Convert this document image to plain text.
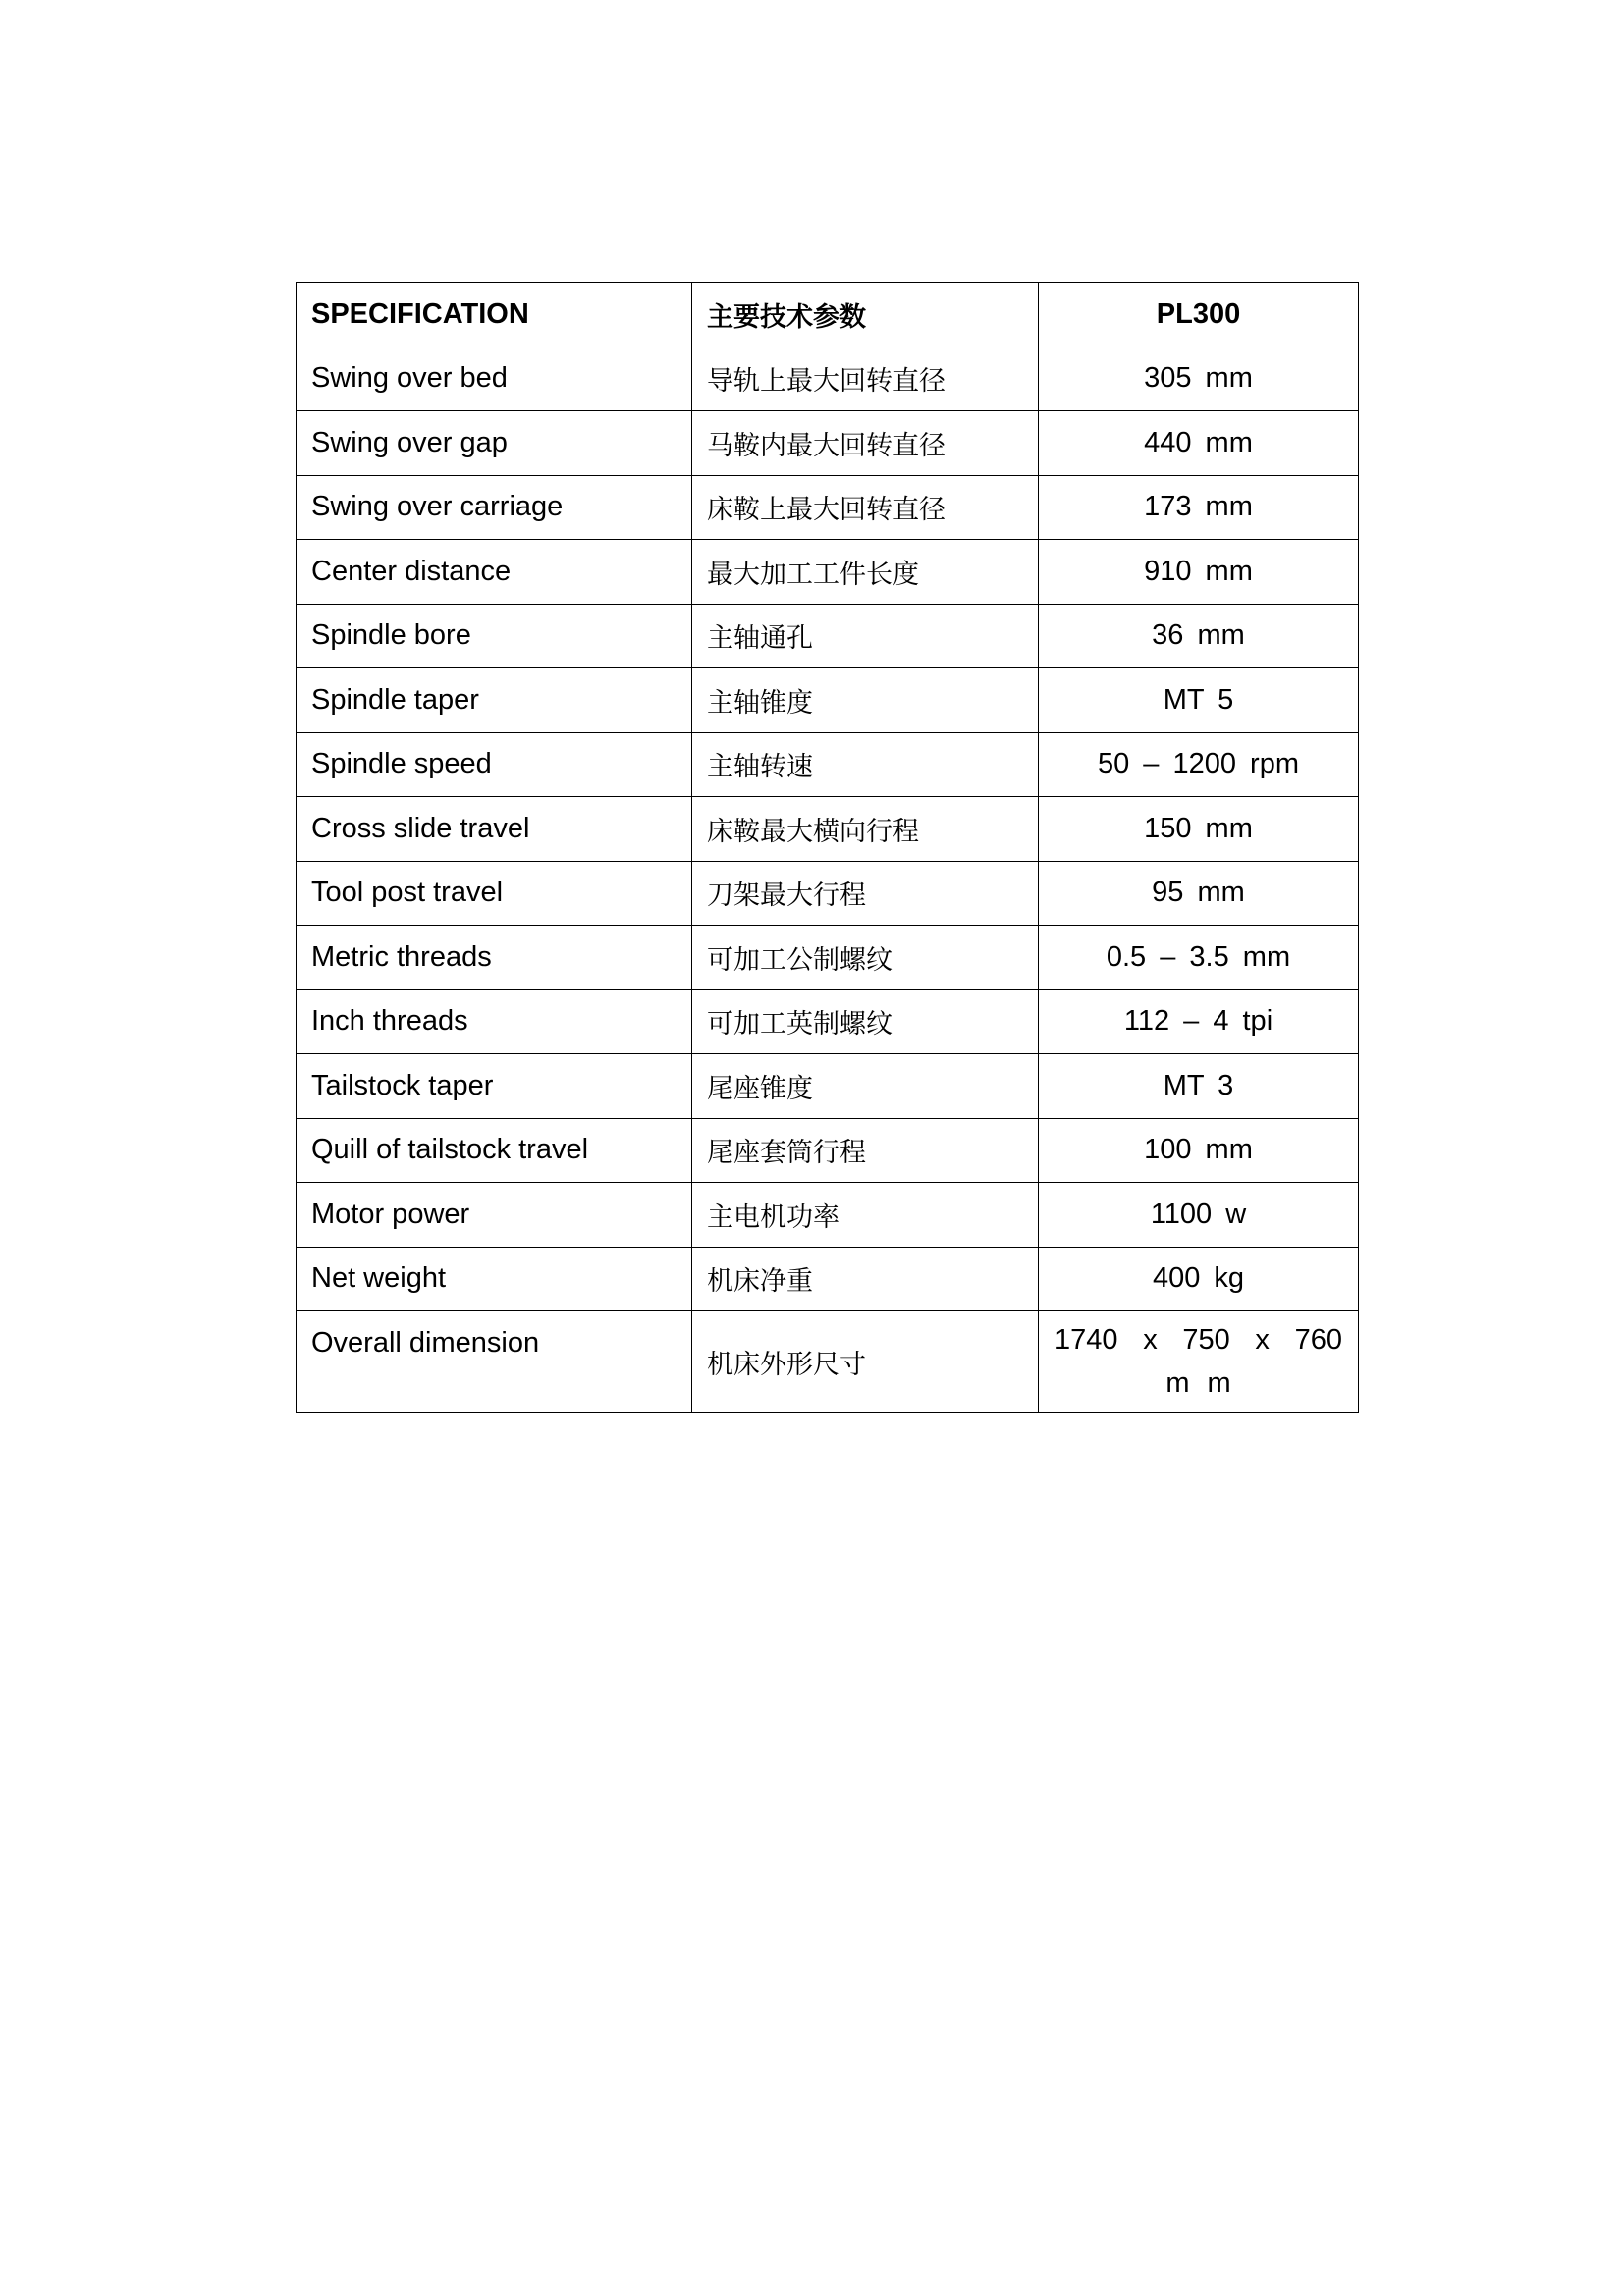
SPECIFICATION	主要技术参数	PL300
Swing over bed	导轨上最大回转直径	305 mm
Swing over gap	马鞍内最大回转直径	440 mm
Swing over carriage	床鞍上最大回转直径	173 mm
Center distance	最大加工工件长度	910 mm
Spindle bore	主轴通孔	36 mm
Spindle taper	主轴锥度	MT 5
Spindle speed	主轴转速	50 – 1200 rpm
Cross slide travel	床鞍最大横向行程	150 mm
Tool post travel	刀架最大行程	95 mm
Metric threads	可加工公制螺纹	0.5 – 3.5 mm
Inch threads	可加工英制螺纹	112 – 4 tpi
Tailstock taper	尾座锥度	MT 3
Quill of tailstock travel	尾座套筒行程	100 mm
Motor power	主电机功率	1100 w
Net weight	机床净重	400 kg
Overall dimension	机床外形尺寸	1740 x 750 x 760 m m
